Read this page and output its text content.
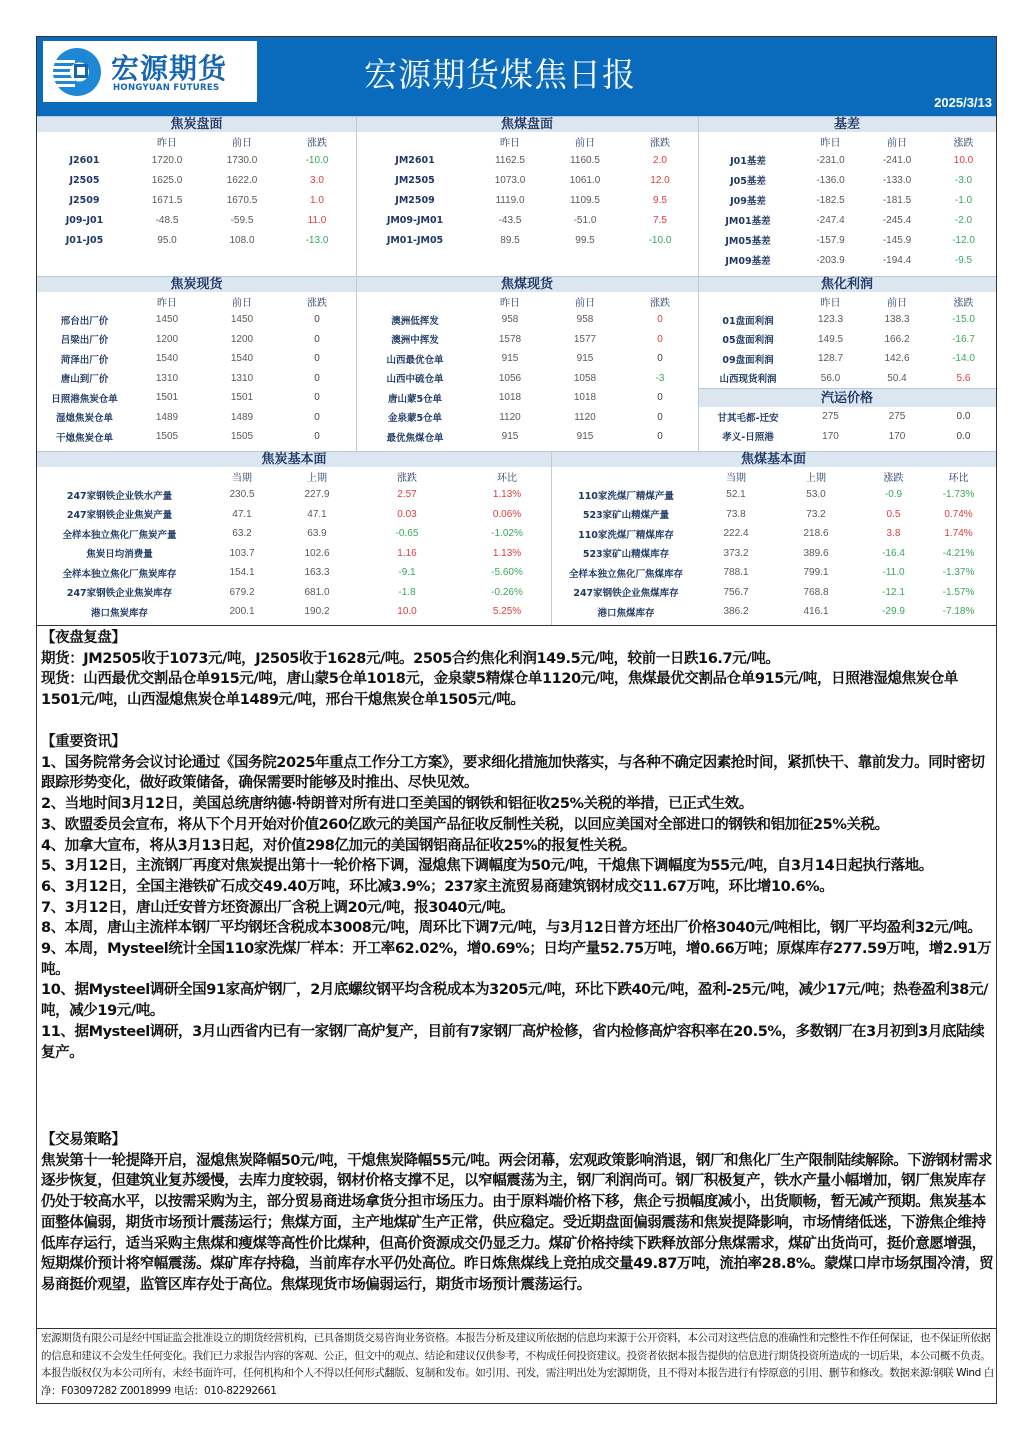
宏源期货
HONGYUAN FUTURES	宏源期货煤焦日报
2025/3/13
焦炭盘面
昨日	前日	涨跌
J2601	1720.0	1730.0	-10.0
J2505	1625.0	1622.0	3.0
J2509	1671.5	1670.5	1.0
J09-J01	-48.5	-59.5	11.0
J01-J05	95.0	108.0	-13.0
焦煤盘面
昨日	前日	涨跌
JM2601	1162.5	1160.5	2.0
JM2505	1073.0	1061.0	12.0
JM2509	1119.0	1109.5	9.5
JM09-JM01	-43.5	-51.0	7.5
JM01-JM05	89.5	99.5	-10.0
基差
昨日	前日	涨跌
J01基差	-231.0	-241.0	10.0
J05基差	-136.0	-133.0	-3.0
J09基差	-182.5	-181.5	-1.0
JM01基差	-247.4	-245.4	-2.0
JM05基差	-157.9	-145.9	-12.0
JM09基差	-203.9	-194.4	-9.5
焦炭现货
昨日	前日	涨跌
邢台出厂价	1450	1450	0
吕梁出厂价	1200	1200	0
菏泽出厂价	1540	1540	0
唐山到厂价	1310	1310	0
日照港焦炭仓单	1501	1501	0
湿熄焦炭仓单	1489	1489	0
干熄焦炭仓单	1505	1505	0
焦煤现货
昨日	前日	涨跌
澳洲低挥发	958	958	0
澳洲中挥发	1578	1577	0
山西最优仓单	915	915	0
山西中硫仓单	1056	1058	-3
唐山蒙5仓单	1018	1018	0
金泉蒙5仓单	1120	1120	0
最优焦煤仓单	915	915	0
焦化利润
昨日	前日	涨跌
01盘面利润	123.3	138.3	-15.0
05盘面利润	149.5	166.2	-16.7
09盘面利润	128.7	142.6	-14.0
山西现货利润	56.0	50.4	5.6
汽运价格
甘其毛都-迁安	275	275	0.0
孝义-日照港	170	170	0.0
焦炭基本面
当期	上期	涨跌	环比
247家钢铁企业铁水产量	230.5	227.9	2.57	1.13%
247家钢铁企业焦炭产量	47.1	47.1	0.03	0.06%
全样本独立焦化厂焦炭产量	63.2	63.9	-0.65	-1.02%
焦炭日均消费量	103.7	102.6	1.16	1.13%
全样本独立焦化厂焦炭库存	154.1	163.3	-9.1	-5.60%
247家钢铁企业焦炭库存	679.2	681.0	-1.8	-0.26%
港口焦炭库存	200.1	190.2	10.0	5.25%
焦煤基本面
当期	上期	涨跌	环比
110家洗煤厂精煤产量	52.1	53.0	-0.9	-1.73%
523家矿山精煤产量	73.8	73.2	0.5	0.74%
110家洗煤厂精煤库存	222.4	218.6	3.8	1.74%
523家矿山精煤库存	373.2	389.6	-16.4	-4.21%
全样本独立焦化厂焦煤库存	788.1	799.1	-11.0	-1.37%
247家钢铁企业焦煤库存	756.7	768.8	-12.1	-1.57%
港口焦煤库存	386.2	416.1	-29.9	-7.18%

【夜盘复盘】

期货：JM2505收于1073元/吨，J2505收于1628元/吨。2505合约焦化利润149.5元/吨，较前一日跌16.7元/吨。

现货：山西最优交割品仓单915元/吨，唐山蒙5仓单1018元，金泉蒙5精煤仓单1120元/吨，焦煤最优交割品仓单915元/吨，日照港湿熄焦炭仓单1501元/吨，山西湿熄焦炭仓单1489元/吨，邢台干熄焦炭仓单1505元/吨。

【重要资讯】

1、国务院常务会议讨论通过《国务院2025年重点工作分工方案》，要求细化措施加快落实，与各种不确定因素抢时间，紧抓快干、靠前发力。同时密切跟踪形势变化，做好政策储备，确保需要时能够及时推出、尽快见效。

2、当地时间3月12日，美国总统唐纳德·特朗普对所有进口至美国的钢铁和铝征收25%关税的举措，已正式生效。

3、欧盟委员会宣布，将从下个月开始对价值260亿欧元的美国产品征收反制性关税，以回应美国对全部进口的钢铁和铝加征25%关税。

4、加拿大宣布，将从3月13日起，对价值298亿加元的美国钢铝商品征收25%的报复性关税。

5、3月12日，主流钢厂再度对焦炭提出第十一轮价格下调，湿熄焦下调幅度为50元/吨，干熄焦下调幅度为55元/吨，自3月14日起执行落地。

6、3月12日，全国主港铁矿石成交49.40万吨，环比减3.9%；237家主流贸易商建筑钢材成交11.67万吨，环比增10.6%。

7、3月12日，唐山迁安普方坯资源出厂含税上调20元/吨，报3040元/吨。

8、本周，唐山主流样本钢厂平均钢坯含税成本3008元/吨，周环比下调7元/吨，与3月12日普方坯出厂价格3040元/吨相比，钢厂平均盈利32元/吨。

9、本周，Mysteel统计全国110家洗煤厂样本：开工率62.02%，增0.69%；日均产量52.75万吨，增0.66万吨；原煤库存277.59万吨，增2.91万吨。

10、据Mysteel调研全国91家高炉钢厂，2月底螺纹钢平均含税成本为3205元/吨，环比下跌40元/吨，盈利-25元/吨，减少17元/吨；热卷盈利38元/吨，减少19元/吨。

11、据Mysteel调研，3月山西省内已有一家钢厂高炉复产，目前有7家钢厂高炉检修，省内检修高炉容积率在20.5%，多数钢厂在3月初到3月底陆续复产。

【交易策略】

焦炭第十一轮提降开启，湿熄焦炭降幅50元/吨，干熄焦炭降幅55元/吨。两会闭幕，宏观政策影响消退，钢厂和焦化厂生产限制陆续解除。下游钢材需求逐步恢复，但建筑业复苏缓慢，去库力度较弱，钢材价格支撑不足，以窄幅震荡为主，钢厂利润尚可。钢厂积极复产，铁水产量小幅增加，钢厂焦炭库存仍处于较高水平，以按需采购为主，部分贸易商进场拿货分担市场压力。由于原料端价格下移，焦企亏损幅度减小，出货顺畅，暂无减产预期。焦炭基本面整体偏弱，期货市场预计震荡运行；焦煤方面，主产地煤矿生产正常，供应稳定。受近期盘面偏弱震荡和焦炭提降影响，市场情绪低迷，下游焦企维持低库存运行，适当采购主焦煤和瘦煤等高性价比煤种，但高价资源成交仍显乏力。煤矿价格持续下跌释放部分焦煤需求，煤矿出货尚可，挺价意愿增强，短期煤价预计将窄幅震荡。煤矿库存持稳，当前库存水平仍处高位。昨日炼焦煤线上竞拍成交量49.87万吨，流拍率28.8%。蒙煤口岸市场氛围冷清，贸易商挺价观望，监管区库存处于高位。焦煤现货市场偏弱运行，期货市场预计震荡运行。

宏源期货有限公司是经中国证监会批准设立的期货经营机构，已具备期货交易咨询业务资格。本报告分析及建议所依据的信息均来源于公开资料，本公司对这些信息的准确性和完整性不作任何保证，也不保证所依据的信息和建议不会发生任何变化。我们已力求报告内容的客观、公正，但文中的观点、结论和建议仅供参考，不构成任何投资建议。投资者依据本报告提供的信息进行期货投资所造成的一切后果，本公司概不负责。

本报告版权仅为本公司所有，未经书面许可，任何机构和个人不得以任何形式翻版、复制和发布。如引用、刊发，需注明出处为宏源期货，且不得对本报告进行有悖原意的引用、删节和修改。数据来源:钢联 Wind 白净：F03097282 Z0018999 电话：010-82292661
